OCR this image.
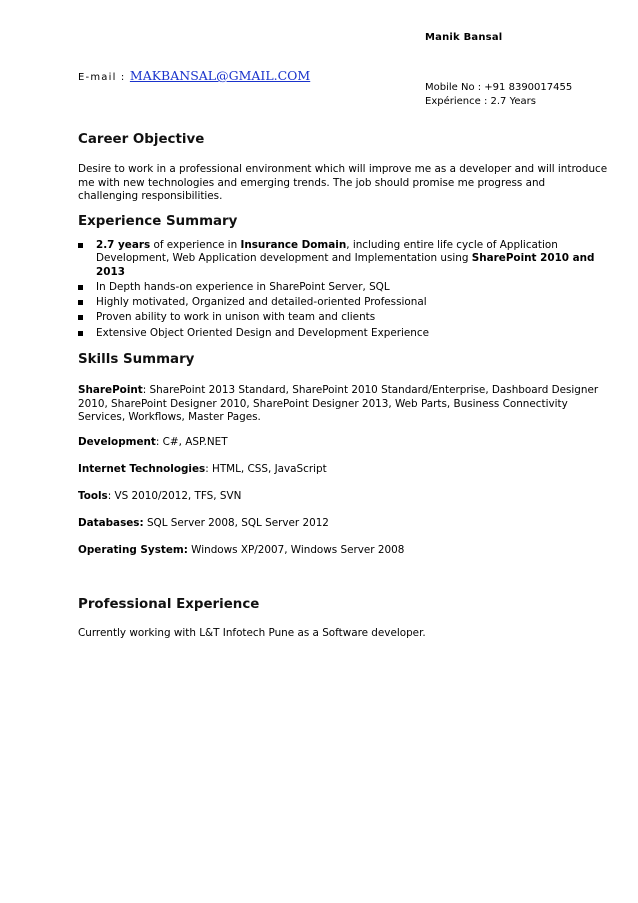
Manik Bansal
E-mail : MAKBANSAL@GMAIL.COM
Mobile No : +91 8390017455
Expérience : 2.7 Years
Career Objective
Desire to work in a professional environment which will improve me as a developer and will introduce me with new technologies and emerging trends. The job should promise me progress and challenging responsibilities.
Experience Summary
2.7 years of experience in Insurance Domain, including entire life cycle of Application Development, Web Application development and Implementation using SharePoint 2010 and 2013
In Depth hands-on experience in SharePoint Server, SQL
Highly motivated, Organized and detailed-oriented Professional
Proven ability to work in unison with team and clients
Extensive Object Oriented Design and Development Experience
Skills Summary
SharePoint: SharePoint 2013 Standard, SharePoint 2010 Standard/Enterprise, Dashboard Designer 2010, SharePoint Designer 2010, SharePoint Designer 2013, Web Parts, Business Connectivity Services, Workflows, Master Pages.
Development: C#, ASP.NET
Internet Technologies: HTML, CSS, JavaScript
Tools: VS 2010/2012, TFS, SVN
Databases: SQL Server 2008, SQL Server 2012
Operating System: Windows XP/2007, Windows Server 2008
Professional Experience
Currently working with L&T Infotech Pune as a Software developer.
